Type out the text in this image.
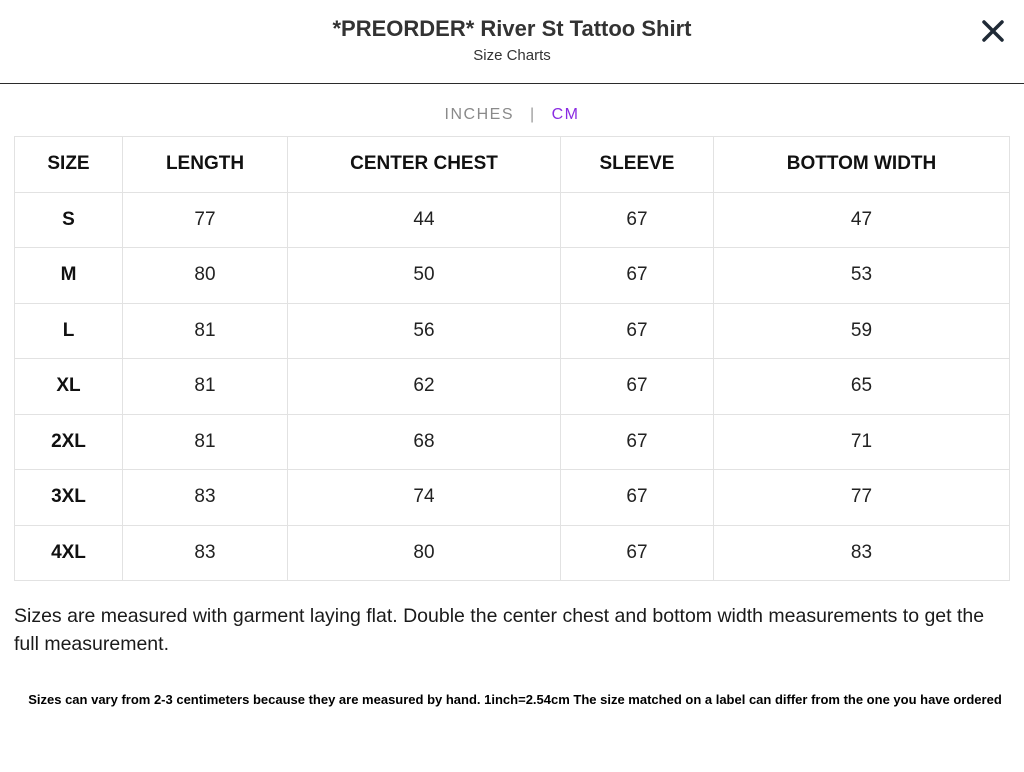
*PREORDER* River St Tattoo Shirt
Size Charts
INCHES | CM
SIZE	LENGTH	CENTER CHEST	SLEEVE	BOTTOM WIDTH
S	77	44	67	47
M	80	50	67	53
L	81	56	67	59
XL	81	62	67	65
2XL	81	68	67	71
3XL	83	74	67	77
4XL	83	80	67	83

Sizes are measured with garment laying flat. Double the center chest and bottom width measurements to get the full measurement.

Sizes can vary from 2-3 centimeters because they are measured by hand. 1inch=2.54cm The size matched on a label can differ from the one you have ordered
